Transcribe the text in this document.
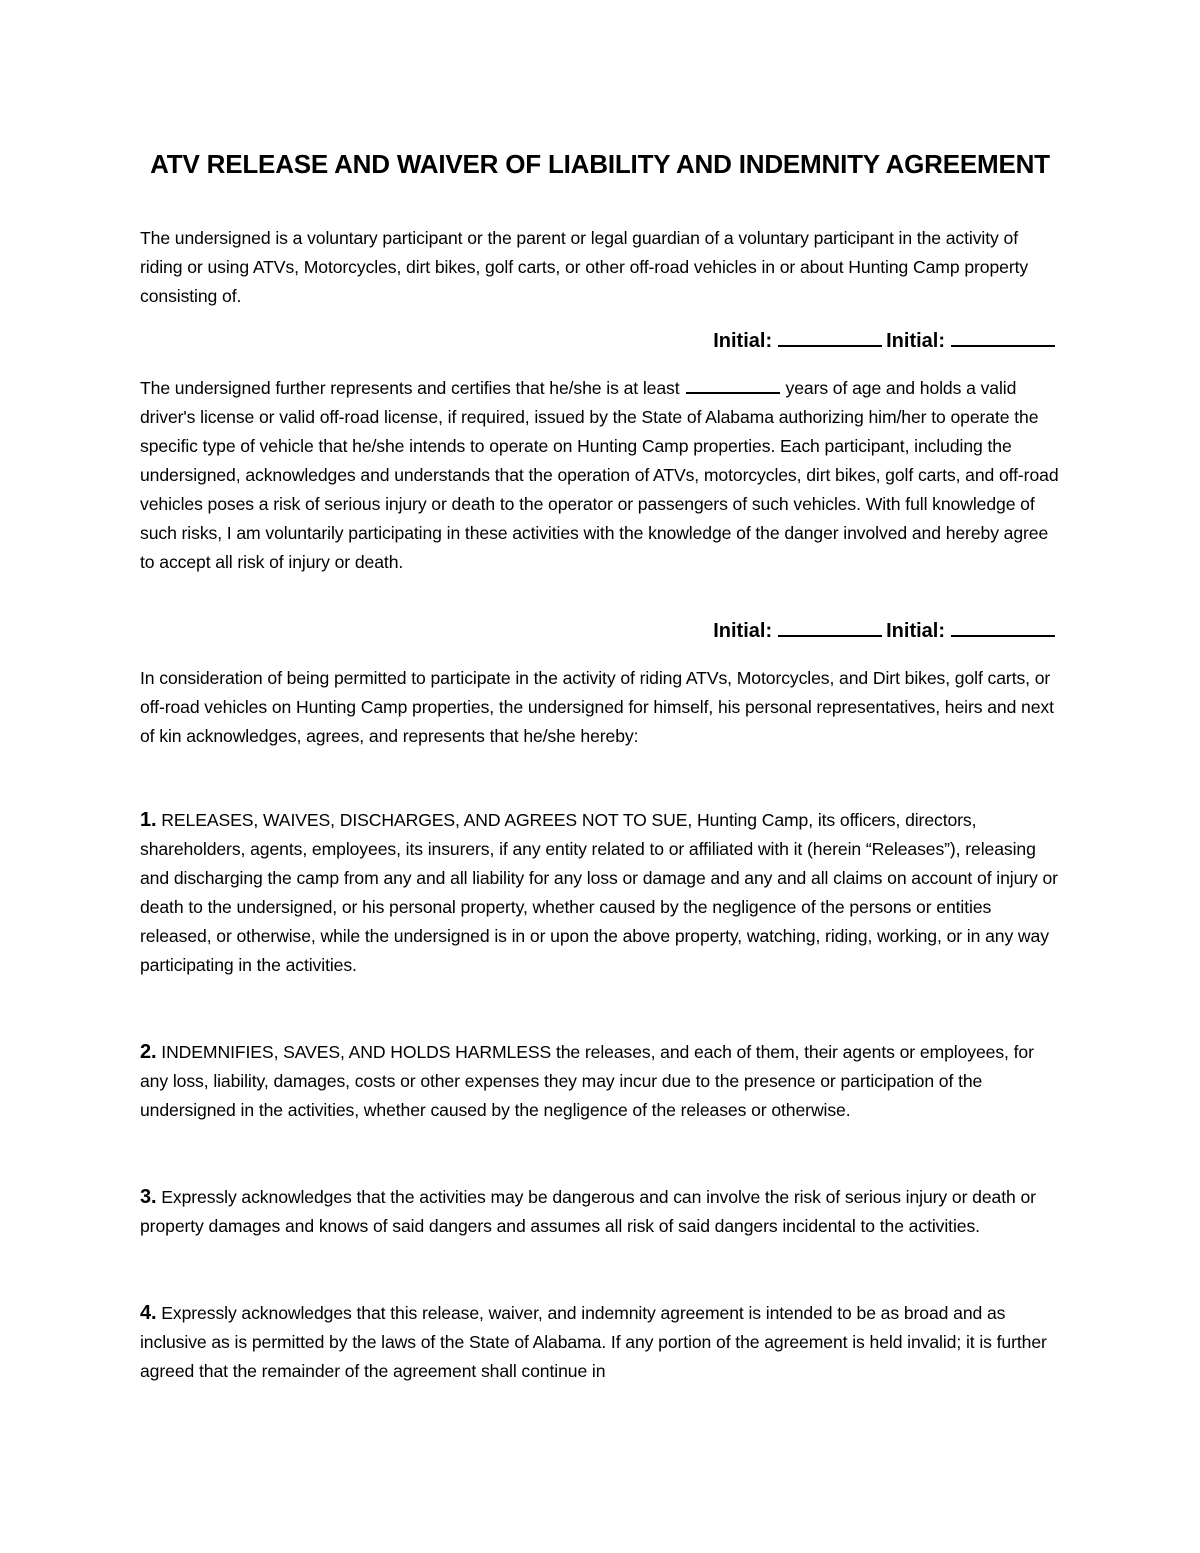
ATV RELEASE AND WAIVER OF LIABILITY AND INDEMNITY AGREEMENT
The undersigned is a voluntary participant or the parent or legal guardian of a voluntary participant in the activity of riding or using ATVs, Motorcycles, dirt bikes, golf carts, or other off-road vehicles in or about Hunting Camp property consisting of.
Initial:	Initial:
The undersigned further represents and certifies that he/she is at least	years of age and holds a valid driver's license or valid off-road license, if required, issued by the State of Alabama authorizing him/her to operate the specific type of vehicle that he/she intends to operate on Hunting Camp properties. Each participant, including the undersigned, acknowledges and understands that the operation of ATVs, motorcycles, dirt bikes, golf carts, and off-road vehicles poses a risk of serious injury or death to the operator or passengers of such vehicles. With full knowledge of such risks, I am voluntarily participating in these activities with the knowledge of the danger involved and hereby agree to accept all risk of injury or death.
Initial:	Initial:
In consideration of being permitted to participate in the activity of riding ATVs, Motorcycles, and Dirt bikes, golf carts, or off-road vehicles on Hunting Camp properties, the undersigned for himself, his personal representatives, heirs and next of kin acknowledges, agrees, and represents that he/she hereby:
1. RELEASES, WAIVES, DISCHARGES, AND AGREES NOT TO SUE, Hunting Camp, its officers, directors, shareholders, agents, employees, its insurers, if any entity related to or affiliated with it (herein “Releases”), releasing and discharging the camp from any and all liability for any loss or damage and any and all claims on account of injury or death to the undersigned, or his personal property, whether caused by the negligence of the persons or entities released, or otherwise, while the undersigned is in or upon the above property, watching, riding, working, or in any way participating in the activities.
2. INDEMNIFIES, SAVES, AND HOLDS HARMLESS the releases, and each of them, their agents or employees, for any loss, liability, damages, costs or other expenses they may incur due to the presence or participation of the undersigned in the activities, whether caused by the negligence of the releases or otherwise.
3. Expressly acknowledges that the activities may be dangerous and can involve the risk of serious injury or death or property damages and knows of said dangers and assumes all risk of said dangers incidental to the activities.
4. Expressly acknowledges that this release, waiver, and indemnity agreement is intended to be as broad and as inclusive as is permitted by the laws of the State of Alabama. If any portion of the agreement is held invalid; it is further agreed that the remainder of the agreement shall continue in
